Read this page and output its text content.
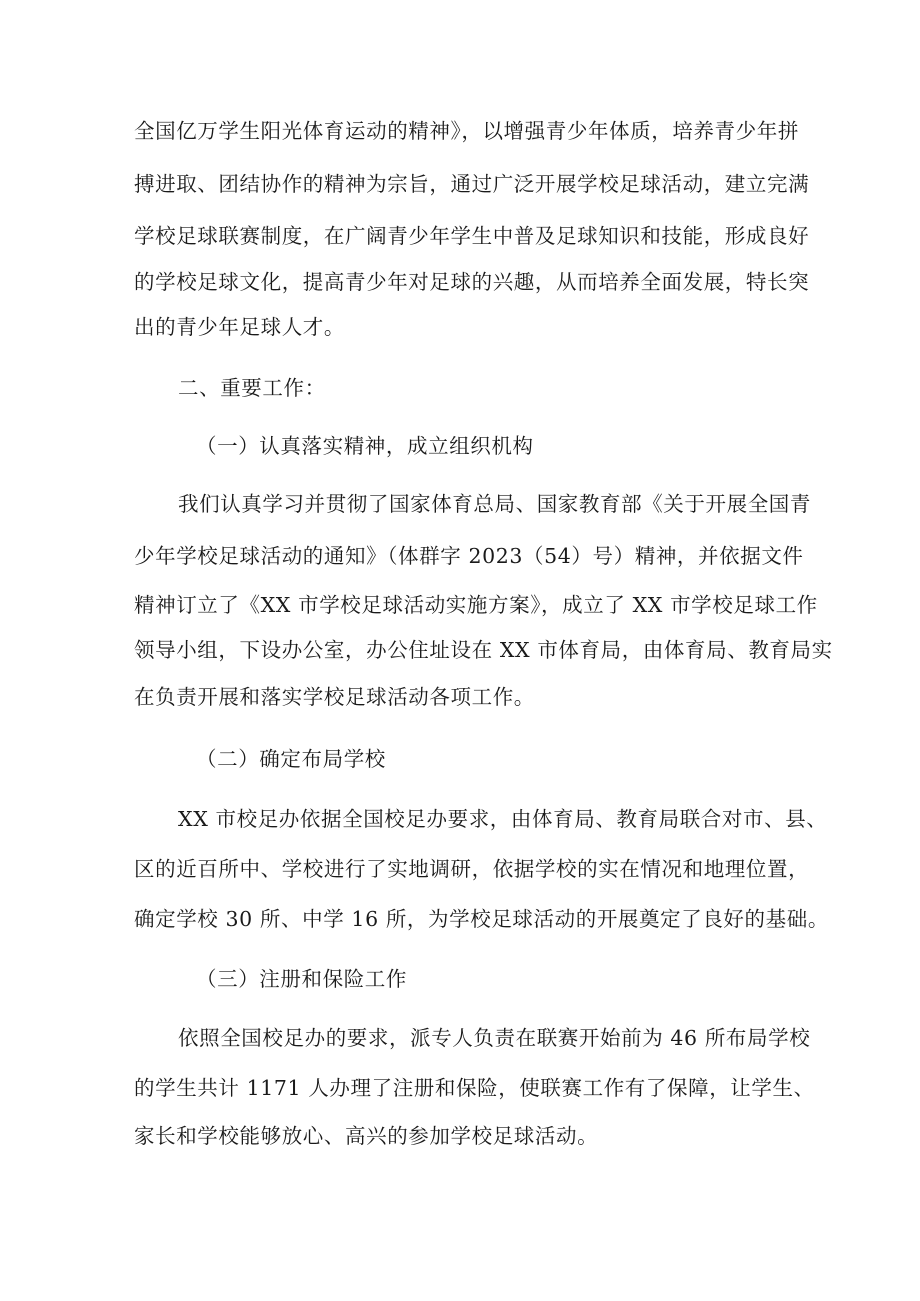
全国亿万学生阳光体育运动的精神》，以增强青少年体质，培养青少年拼
搏进取、团结协作的精神为宗旨，通过广泛开展学校足球活动，建立完满
学校足球联赛制度，在广阔青少年学生中普及足球知识和技能，形成良好
的学校足球文化，提高青少年对足球的兴趣，从而培养全面发展，特长突
出的青少年足球人才。
二、重要工作：
（一）认真落实精神，成立组织机构
我们认真学习并贯彻了国家体育总局、国家教育部《关于开展全国青
少年学校足球活动的通知》（体群字 2023（54）号）精神，并依据文件
精神订立了《XX 市学校足球活动实施方案》，成立了 XX 市学校足球工作
领导小组，下设办公室，办公住址设在 XX 市体育局，由体育局、教育局实
在负责开展和落实学校足球活动各项工作。
（二）确定布局学校
XX 市校足办依据全国校足办要求，由体育局、教育局联合对市、县、
区的近百所中、学校进行了实地调研，依据学校的实在情况和地理位置，
确定学校 30 所、中学 16 所，为学校足球活动的开展奠定了良好的基础。
（三）注册和保险工作
依照全国校足办的要求，派专人负责在联赛开始前为 46 所布局学校
的学生共计 1171 人办理了注册和保险，使联赛工作有了保障，让学生、
家长和学校能够放心、高兴的参加学校足球活动。
